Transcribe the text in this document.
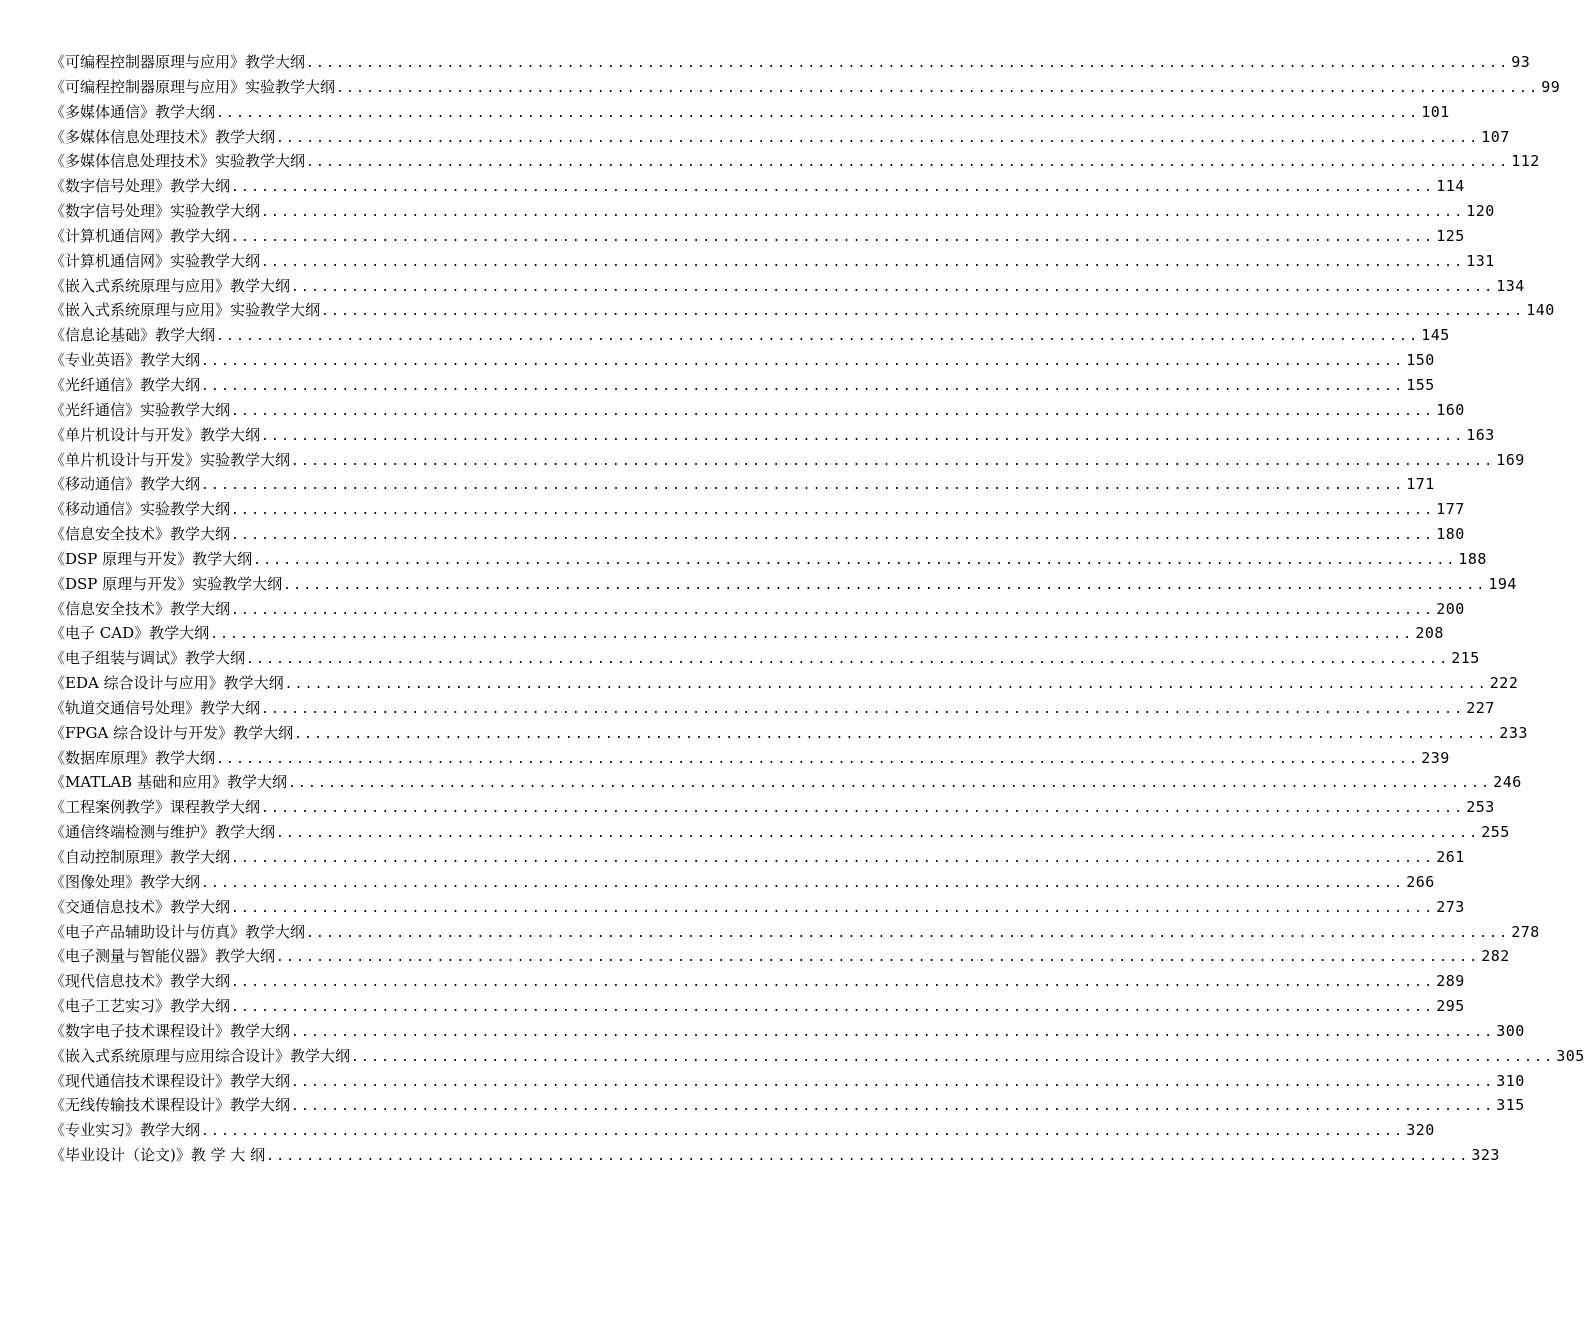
《可编程控制器原理与应用》教学大纲 ........................................................................................................................ 93
《可编程控制器原理与应用》实验教学大纲 ........................................................................................................................ 99
《多媒体通信》教学大纲 ........................................................................................................................ 101
《多媒体信息处理技术》教学大纲 ........................................................................................................................ 107
《多媒体信息处理技术》实验教学大纲 ........................................................................................................................ 112
《数字信号处理》教学大纲 ........................................................................................................................ 114
《数字信号处理》实验教学大纲 ........................................................................................................................ 120
《计算机通信网》教学大纲 ........................................................................................................................ 125
《计算机通信网》实验教学大纲 ........................................................................................................................ 131
《嵌入式系统原理与应用》教学大纲 ........................................................................................................................ 134
《嵌入式系统原理与应用》实验教学大纲 ........................................................................................................................ 140
《信息论基础》教学大纲 ........................................................................................................................ 145
《专业英语》教学大纲 ........................................................................................................................ 150
《光纤通信》教学大纲 ........................................................................................................................ 155
《光纤通信》实验教学大纲 ........................................................................................................................ 160
《单片机设计与开发》教学大纲 ........................................................................................................................ 163
《单片机设计与开发》实验教学大纲 ........................................................................................................................ 169
《移动通信》教学大纲 ........................................................................................................................ 171
《移动通信》实验教学大纲 ........................................................................................................................ 177
《信息安全技术》教学大纲 ........................................................................................................................ 180
《DSP 原理与开发》教学大纲 ........................................................................................................................ 188
《DSP 原理与开发》实验教学大纲 ........................................................................................................................ 194
《信息安全技术》教学大纲 ........................................................................................................................ 200
《电子 CAD》教学大纲 ........................................................................................................................ 208
《电子组装与调试》教学大纲 ........................................................................................................................ 215
《EDA 综合设计与应用》教学大纲 ........................................................................................................................ 222
《轨道交通信号处理》教学大纲 ........................................................................................................................ 227
《FPGA 综合设计与开发》教学大纲 ........................................................................................................................ 233
《数据库原理》教学大纲 ........................................................................................................................ 239
《MATLAB 基础和应用》教学大纲 ........................................................................................................................ 246
《工程案例教学》课程教学大纲 ........................................................................................................................ 253
《通信终端检测与维护》教学大纲 ........................................................................................................................ 255
《自动控制原理》教学大纲 ........................................................................................................................ 261
《图像处理》教学大纲 ........................................................................................................................ 266
《交通信息技术》教学大纲 ........................................................................................................................ 273
《电子产品辅助设计与仿真》教学大纲 ........................................................................................................................ 278
《电子测量与智能仪器》教学大纲 ........................................................................................................................ 282
《现代信息技术》教学大纲 ........................................................................................................................ 289
《电子工艺实习》教学大纲 ........................................................................................................................ 295
《数字电子技术课程设计》教学大纲 ........................................................................................................................ 300
《嵌入式系统原理与应用综合设计》教学大纲 ........................................................................................................................ 305
《现代通信技术课程设计》教学大纲 ........................................................................................................................ 310
《无线传输技术课程设计》教学大纲 ........................................................................................................................ 315
《专业实习》教学大纲 ........................................................................................................................ 320
《毕业设计（论文)》教 学 大 纲 ........................................................................................................................ 323
